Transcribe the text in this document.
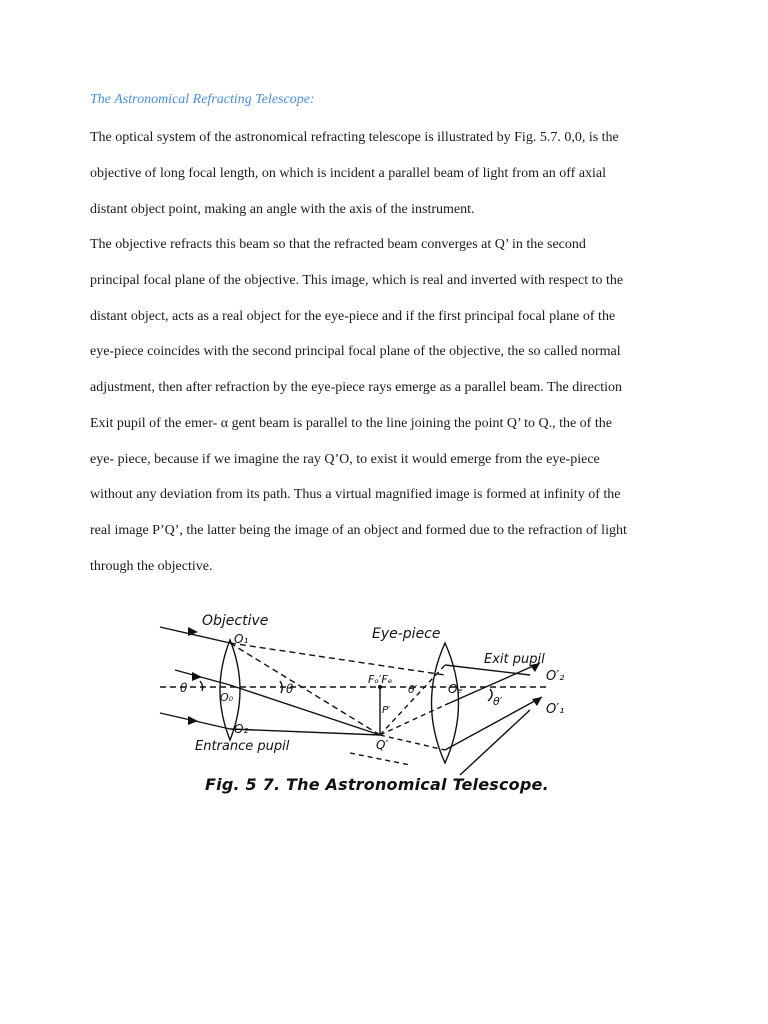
The Astronomical Refracting Telescope:
The optical system of the astronomical refracting telescope is illustrated by Fig. 5.7. 0,0, is the
objective of long focal length, on which is incident a parallel beam of light from an off axial
distant object point, making an angle with the axis of the instrument.
The objective refracts this beam so that the refracted beam converges at Q’ in the second
principal focal plane of the objective. This image, which is real and inverted with respect to the
distant object, acts as a real object for the eye-piece and if the first principal focal plane of the
eye-piece coincides with the second principal focal plane of the objective, the so called normal
adjustment, then after refraction by the eye-piece rays emerge as a parallel beam. The direction
Exit pupil of the emer- α gent beam is parallel to the line joining the point Q’ to Q., the of the
eye- piece, because if we imagine the ray Q’O, to exist it would emerge from the eye-piece
without any deviation from its path. Thus a virtual magnified image is formed at infinity of the
real image P’Q’, the latter being the image of an object and formed due to the refraction of light
through the objective.
Objective
Eye-piece
Exit pupil
Entrance pupil
O₁
O₀
O₂
Oₑ
Fₒ′Fₑ
P′
Q′
θ	θ	θ′
θ′
O′₂
O′₁
Fig. 5 7. The Astronomical Telescope.
